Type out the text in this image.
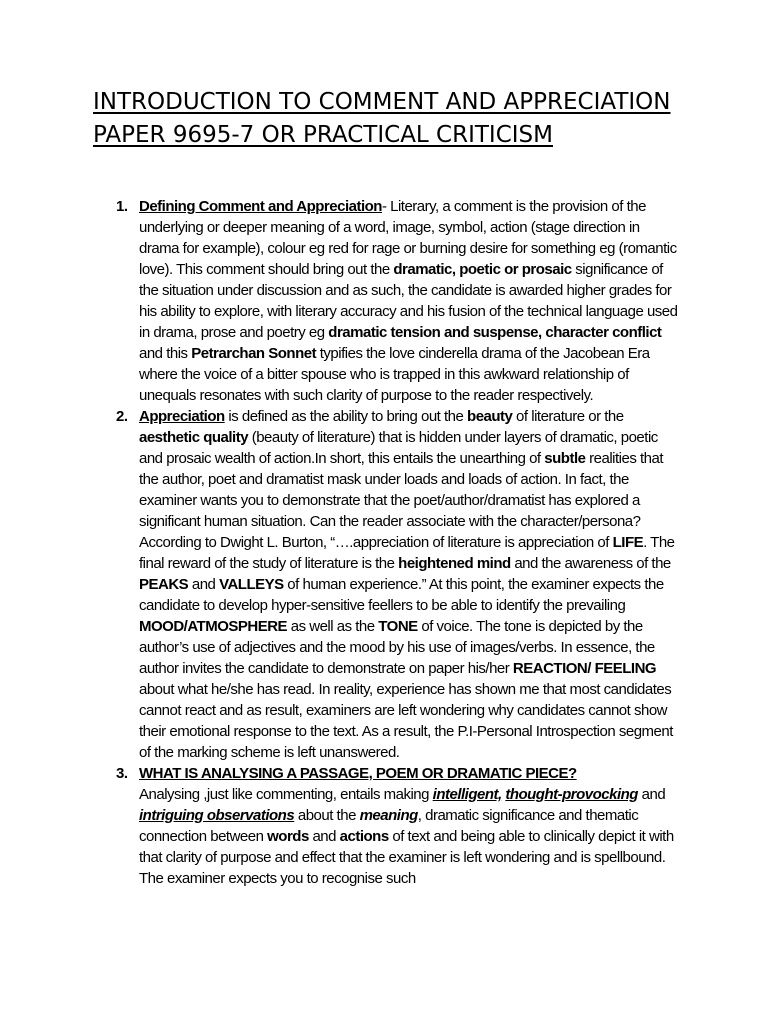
INTRODUCTION TO COMMENT AND APPRECIATION PAPER 9695-7 OR PRACTICAL CRITICISM
1. Defining Comment and Appreciation- Literary, a comment is the provision of the underlying or deeper meaning of a word, image, symbol, action (stage direction in drama for example), colour eg red for rage or burning desire for something eg (romantic love). This comment should bring out the dramatic, poetic or prosaic significance of the situation under discussion and as such, the candidate is awarded higher grades for his ability to explore, with literary accuracy and his fusion of the technical language used in drama, prose and poetry eg dramatic tension and suspense, character conflict and this Petrarchan Sonnet typifies the love cinderella drama of the Jacobean Era where the voice of a bitter spouse who is trapped in this awkward relationship of unequals resonates with such clarity of purpose to the reader respectively.

2. Appreciation is defined as the ability to bring out the beauty of literature or the aesthetic quality (beauty of literature) that is hidden under layers of dramatic, poetic and prosaic wealth of action.In short, this entails the unearthing of subtle realities that the author, poet and dramatist mask under loads and loads of action. In fact, the examiner wants you to demonstrate that the poet/author/dramatist has explored a significant human situation. Can the reader associate with the character/persona? According to Dwight L. Burton, “….appreciation of literature is appreciation of LIFE. The final reward of the study of literature is the heightened mind and the awareness of the PEAKS and VALLEYS of human experience.” At this point, the examiner expects the candidate to develop hyper-sensitive feellers to be able to identify the prevailing MOOD/ATMOSPHERE as well as the TONE of voice. The tone is depicted by the author’s use of adjectives and the mood by his use of images/verbs. In essence, the author invites the candidate to demonstrate on paper his/her REACTION/ FEELING about what he/she has read. In reality, experience has shown me that most candidates cannot react and as result, examiners are left wondering why candidates cannot show their emotional response to the text. As a result, the P.I-Personal Introspection segment of the marking scheme is left unanswered.

3. WHAT IS ANALYSING A PASSAGE, POEM OR DRAMATIC PIECE?
Analysing ,just like commenting, entails making intelligent, thought-provocking and intriguing observations about the meaning, dramatic significance and thematic connection between words and actions of text and being able to clinically depict it with that clarity of purpose and effect that the examiner is left wondering and is spellbound. The examiner expects you to recognise such
